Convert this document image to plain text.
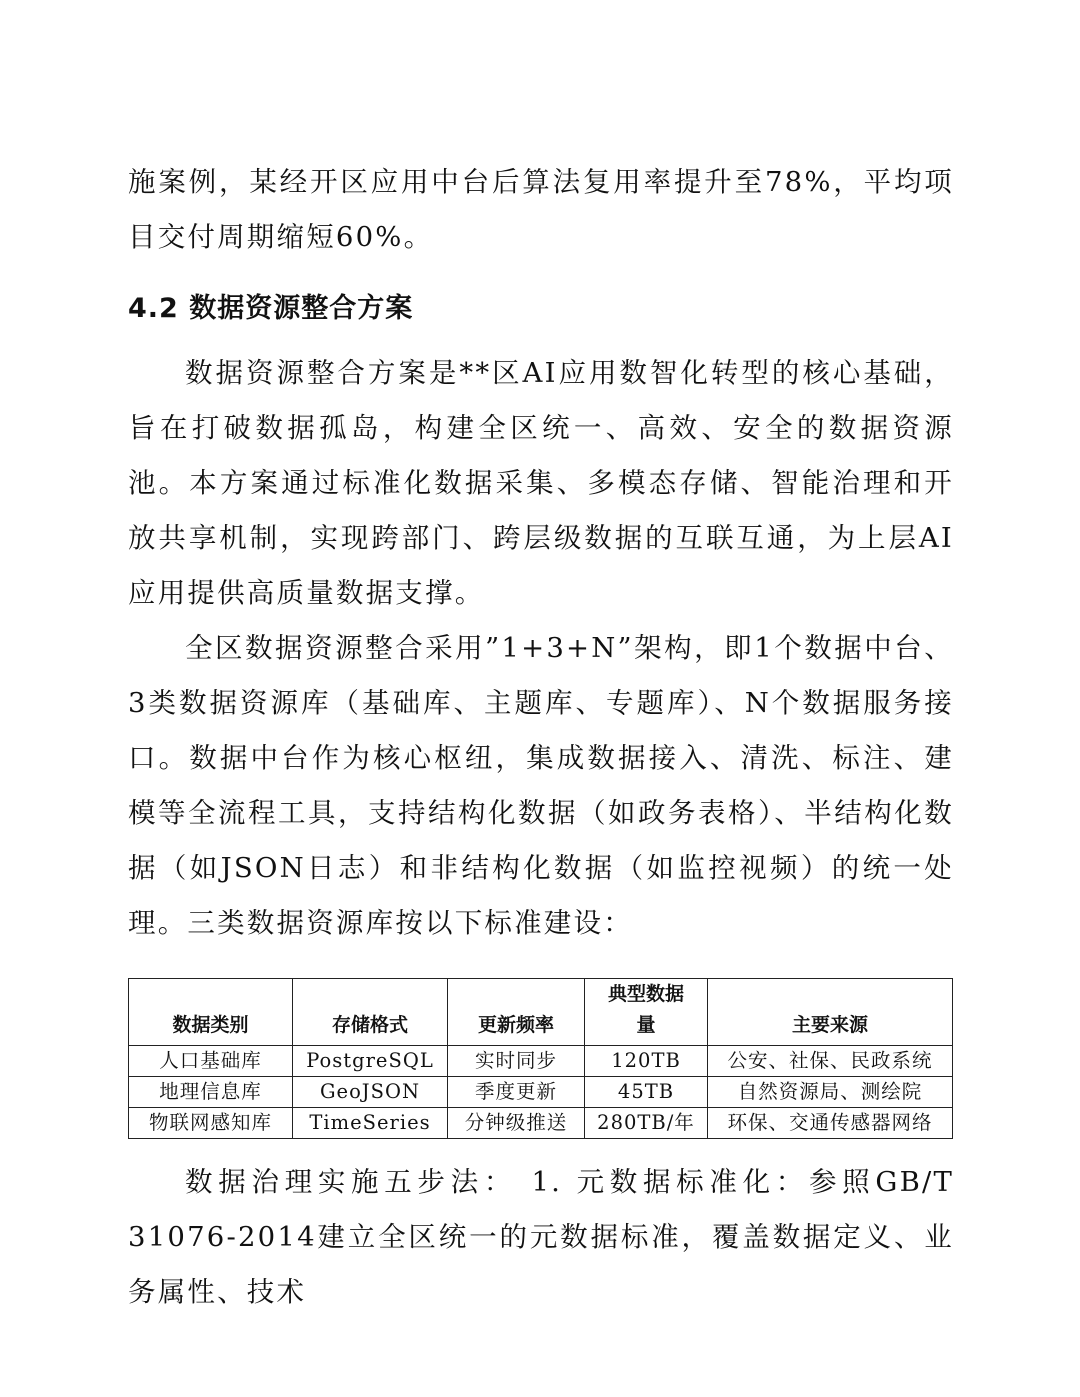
施案例，某经开区应用中台后算法复用率提升至78%，平均项目交付周期缩短60%。

4.2 数据资源整合方案

数据资源整合方案是**区AI应用数智化转型的核心基础，旨在打破数据孤岛，构建全区统一、高效、安全的数据资源池。本方案通过标准化数据采集、多模态存储、智能治理和开放共享机制，实现跨部门、跨层级数据的互联互通，为上层AI应用提供高质量数据支撑。

全区数据资源整合采用”1+3+N”架构，即1个数据中台、3类数据资源库（基础库、主题库、专题库）、N个数据服务接口。数据中台作为核心枢纽，集成数据接入、清洗、标注、建模等全流程工具，支持结构化数据（如政务表格）、半结构化数据（如JSON日志）和非结构化数据（如监控视频）的统一处理。三类数据资源库按以下标准建设：

数据类别	存储格式	更新频率	典型数据量	主要来源
人口基础库	PostgreSQL	实时同步	120TB	公安、社保、民政系统
地理信息库	GeoJSON	季度更新	45TB	自然资源局、测绘院
物联网感知库	TimeSeries	分钟级推送	280TB/年	环保、交通传感器网络

数据治理实施五步法： 1. 元数据标准化：参照GB/T 31076-2014建立全区统一的元数据标准，覆盖数据定义、业务属性、技术
